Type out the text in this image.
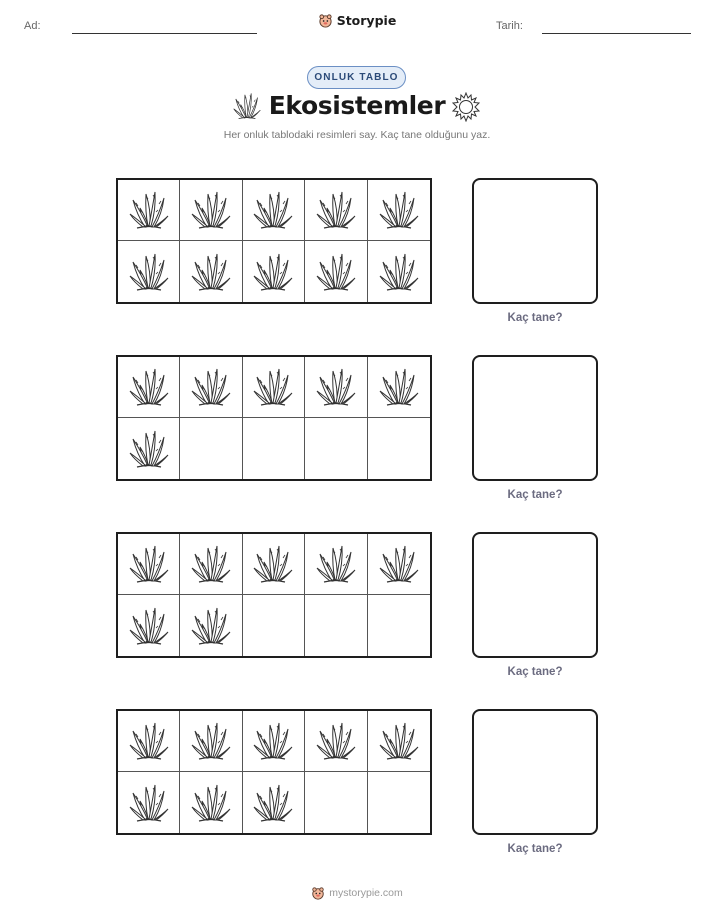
Ad:	Storypie	Tarih:
ONLUK TABLO
Ekosistemler
Her onluk tablodaki resimleri say. Kaç tane olduğunu yaz.
Kaç tane?
Kaç tane?
Kaç tane?
Kaç tane?
mystorypie.com
